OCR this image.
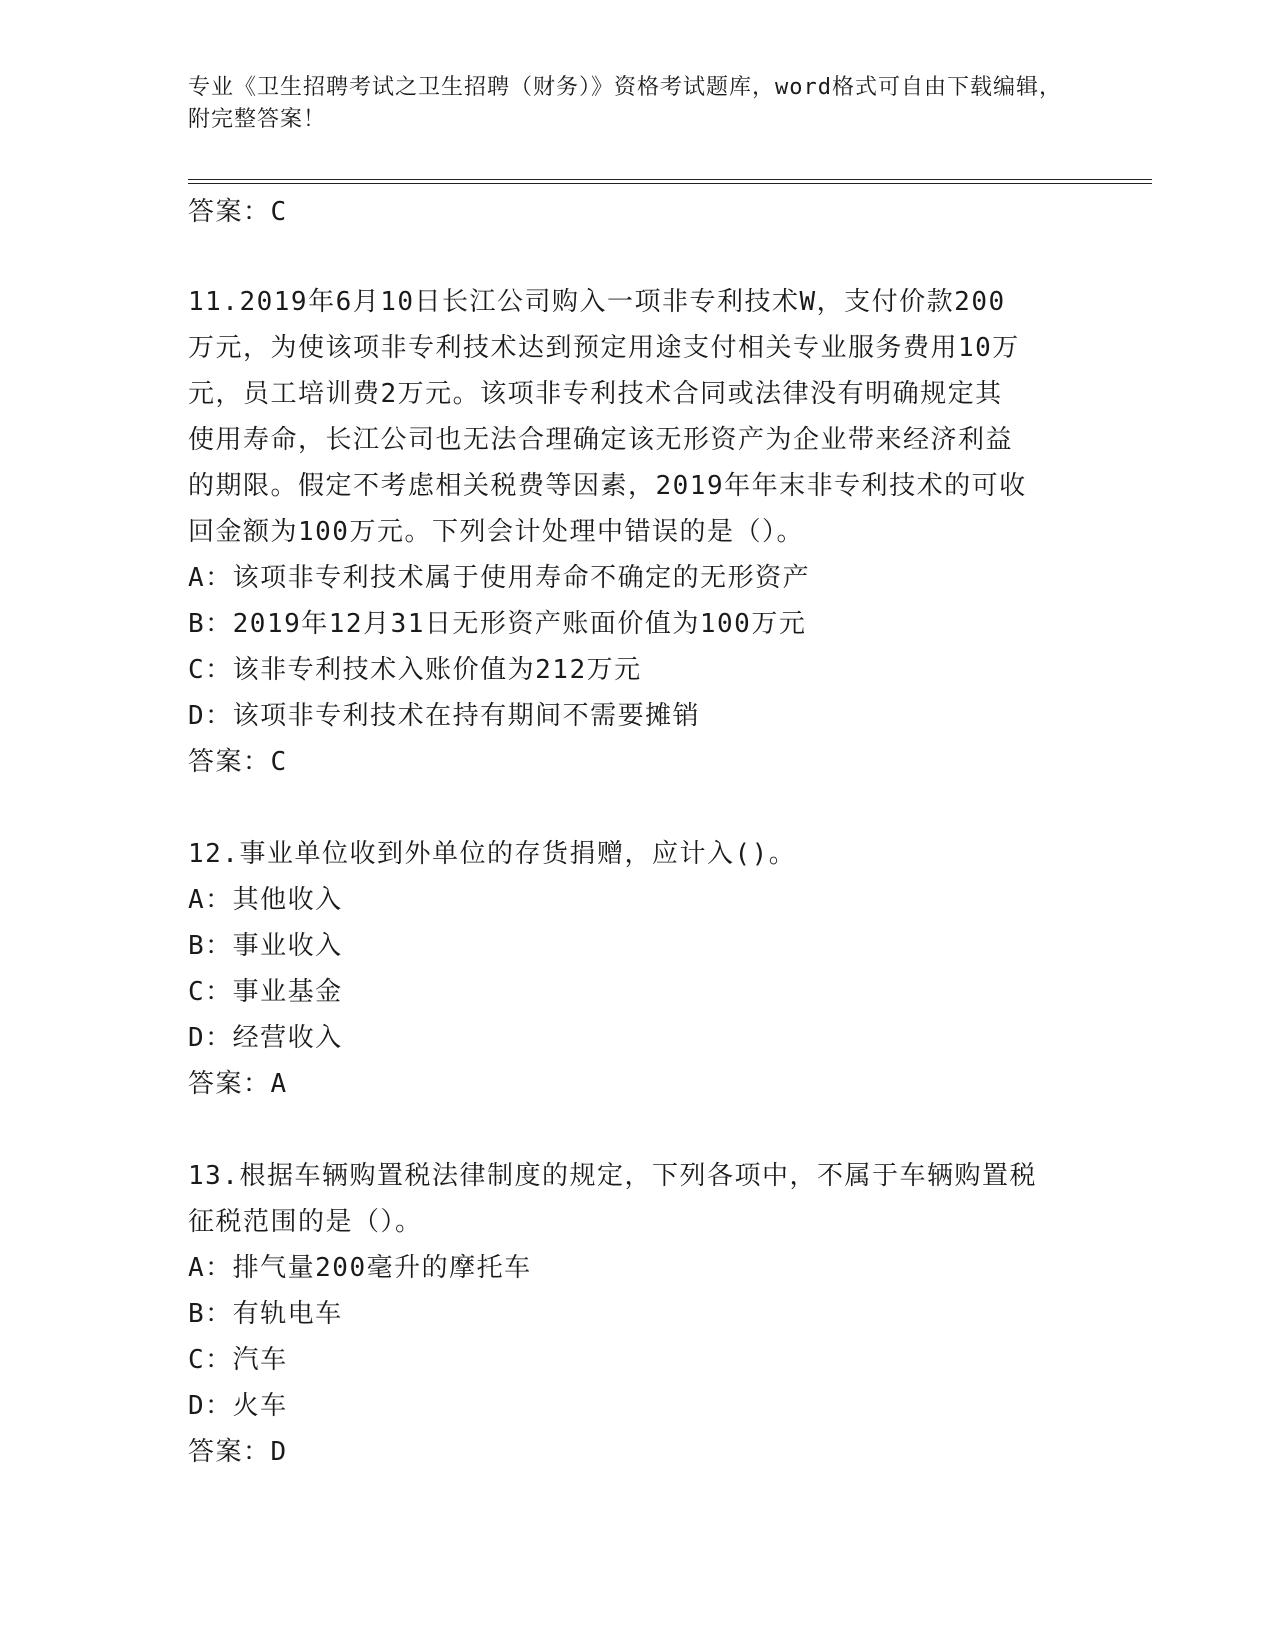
专业《卫生招聘考试之卫生招聘（财务）》资格考试题库，word格式可自由下载编辑，附完整答案！
答案：C
11.2019年6月10日长江公司购入一项非专利技术W，支付价款200
万元，为使该项非专利技术达到预定用途支付相关专业服务费用10万
元，员工培训费2万元。该项非专利技术合同或法律没有明确规定其
使用寿命，长江公司也无法合理确定该无形资产为企业带来经济利益
的期限。假定不考虑相关税费等因素，2019年年末非专利技术的可收
回金额为100万元。下列会计处理中错误的是（）。
A：该项非专利技术属于使用寿命不确定的无形资产
B：2019年12月31日无形资产账面价值为100万元
C：该非专利技术入账价值为212万元
D：该项非专利技术在持有期间不需要摊销
答案：C
12.事业单位收到外单位的存货捐赠，应计入()。
A：其他收入
B：事业收入
C：事业基金
D：经营收入
答案：A
13.根据车辆购置税法律制度的规定，下列各项中，不属于车辆购置税
征税范围的是（）。
A：排气量200毫升的摩托车
B：有轨电车
C：汽车
D：火车
答案：D
